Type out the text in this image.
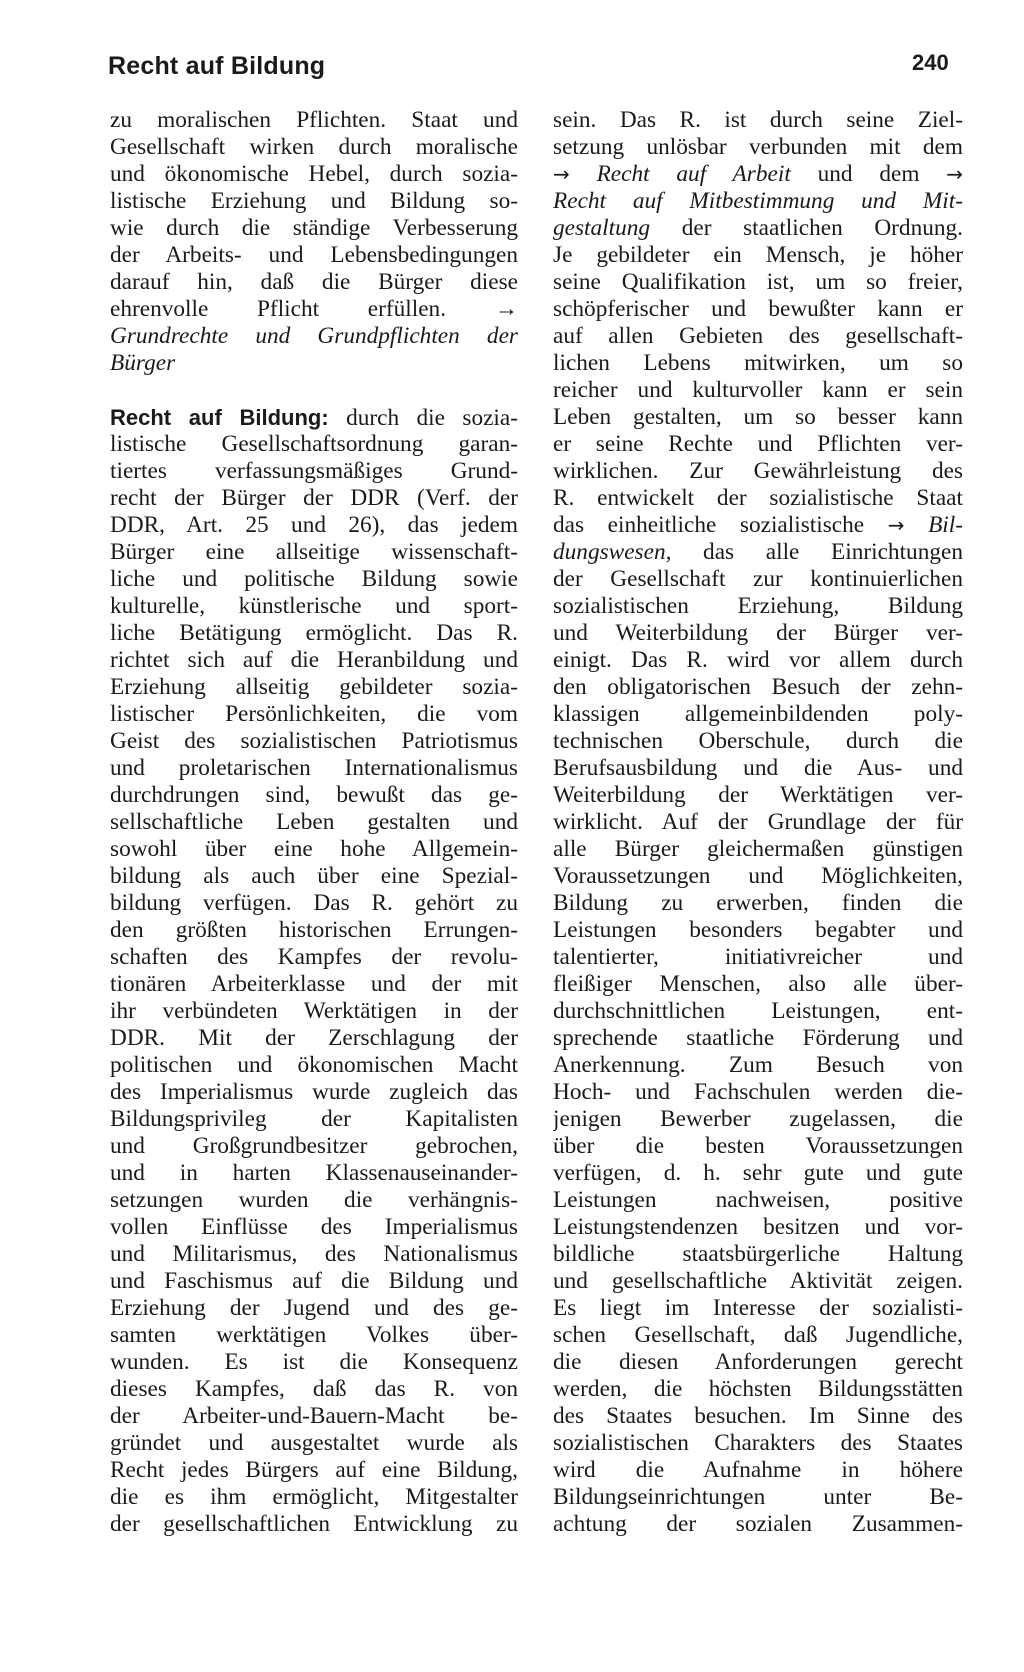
Recht auf Bildung	240
zu moralischen Pflichten. Staat und
Gesellschaft wirken durch moralische
und ökonomische Hebel, durch sozia-
listische Erziehung und Bildung so-
wie durch die ständige Verbesserung
der Arbeits- und Lebensbedingungen
darauf hin, daß die Bürger diese
ehrenvolle Pflicht erfüllen. →
Grundrechte und Grundpflichten der
Bürger
Recht auf Bildung: durch die sozia-
listische Gesellschaftsordnung garan-
tiertes verfassungsmäßiges Grund-
recht der Bürger der DDR (Verf. der
DDR, Art. 25 und 26), das jedem
Bürger eine allseitige wissenschaft-
liche und politische Bildung sowie
kulturelle, künstlerische und sport-
liche Betätigung ermöglicht. Das R.
richtet sich auf die Heranbildung und
Erziehung allseitig gebildeter sozia-
listischer Persönlichkeiten, die vom
Geist des sozialistischen Patriotismus
und proletarischen Internationalismus
durchdrungen sind, bewußt das ge-
sellschaftliche Leben gestalten und
sowohl über eine hohe Allgemein-
bildung als auch über eine Spezial-
bildung verfügen. Das R. gehört zu
den größten historischen Errungen-
schaften des Kampfes der revolu-
tionären Arbeiterklasse und der mit
ihr verbündeten Werktätigen in der
DDR. Mit der Zerschlagung der
politischen und ökonomischen Macht
des Imperialismus wurde zugleich das
Bildungsprivileg der Kapitalisten
und Großgrundbesitzer gebrochen,
und in harten Klassenauseinander-
setzungen wurden die verhängnis-
vollen Einflüsse des Imperialismus
und Militarismus, des Nationalismus
und Faschismus auf die Bildung und
Erziehung der Jugend und des ge-
samten werktätigen Volkes über-
wunden. Es ist die Konsequenz
dieses Kampfes, daß das R. von
der Arbeiter-und-Bauern-Macht be-
gründet und ausgestaltet wurde als
Recht jedes Bürgers auf eine Bildung,
die es ihm ermöglicht, Mitgestalter
der gesellschaftlichen Entwicklung zu
sein. Das R. ist durch seine Ziel-
setzung unlösbar verbunden mit dem
→ Recht auf Arbeit und dem →
Recht auf Mitbestimmung und Mit-
gestaltung der staatlichen Ordnung.
Je gebildeter ein Mensch, je höher
seine Qualifikation ist, um so freier,
schöpferischer und bewußter kann er
auf allen Gebieten des gesellschaft-
lichen Lebens mitwirken, um so
reicher und kulturvoller kann er sein
Leben gestalten, um so besser kann
er seine Rechte und Pflichten ver-
wirklichen. Zur Gewährleistung des
R. entwickelt der sozialistische Staat
das einheitliche sozialistische → Bil-
dungswesen, das alle Einrichtungen
der Gesellschaft zur kontinuierlichen
sozialistischen Erziehung, Bildung
und Weiterbildung der Bürger ver-
einigt. Das R. wird vor allem durch
den obligatorischen Besuch der zehn-
klassigen allgemeinbildenden poly-
technischen Oberschule, durch die
Berufsausbildung und die Aus- und
Weiterbildung der Werktätigen ver-
wirklicht. Auf der Grundlage der für
alle Bürger gleichermaßen günstigen
Voraussetzungen und Möglichkeiten,
Bildung zu erwerben, finden die
Leistungen besonders begabter und
talentierter, initiativreicher und
fleißiger Menschen, also alle über-
durchschnittlichen Leistungen, ent-
sprechende staatliche Förderung und
Anerkennung. Zum Besuch von
Hoch- und Fachschulen werden die-
jenigen Bewerber zugelassen, die
über die besten Voraussetzungen
verfügen, d. h. sehr gute und gute
Leistungen nachweisen, positive
Leistungstendenzen besitzen und vor-
bildliche staatsbürgerliche Haltung
und gesellschaftliche Aktivität zeigen.
Es liegt im Interesse der sozialisti-
schen Gesellschaft, daß Jugendliche,
die diesen Anforderungen gerecht
werden, die höchsten Bildungsstätten
des Staates besuchen. Im Sinne des
sozialistischen Charakters des Staates
wird die Aufnahme in höhere
Bildungseinrichtungen unter Be-
achtung der sozialen Zusammen-
